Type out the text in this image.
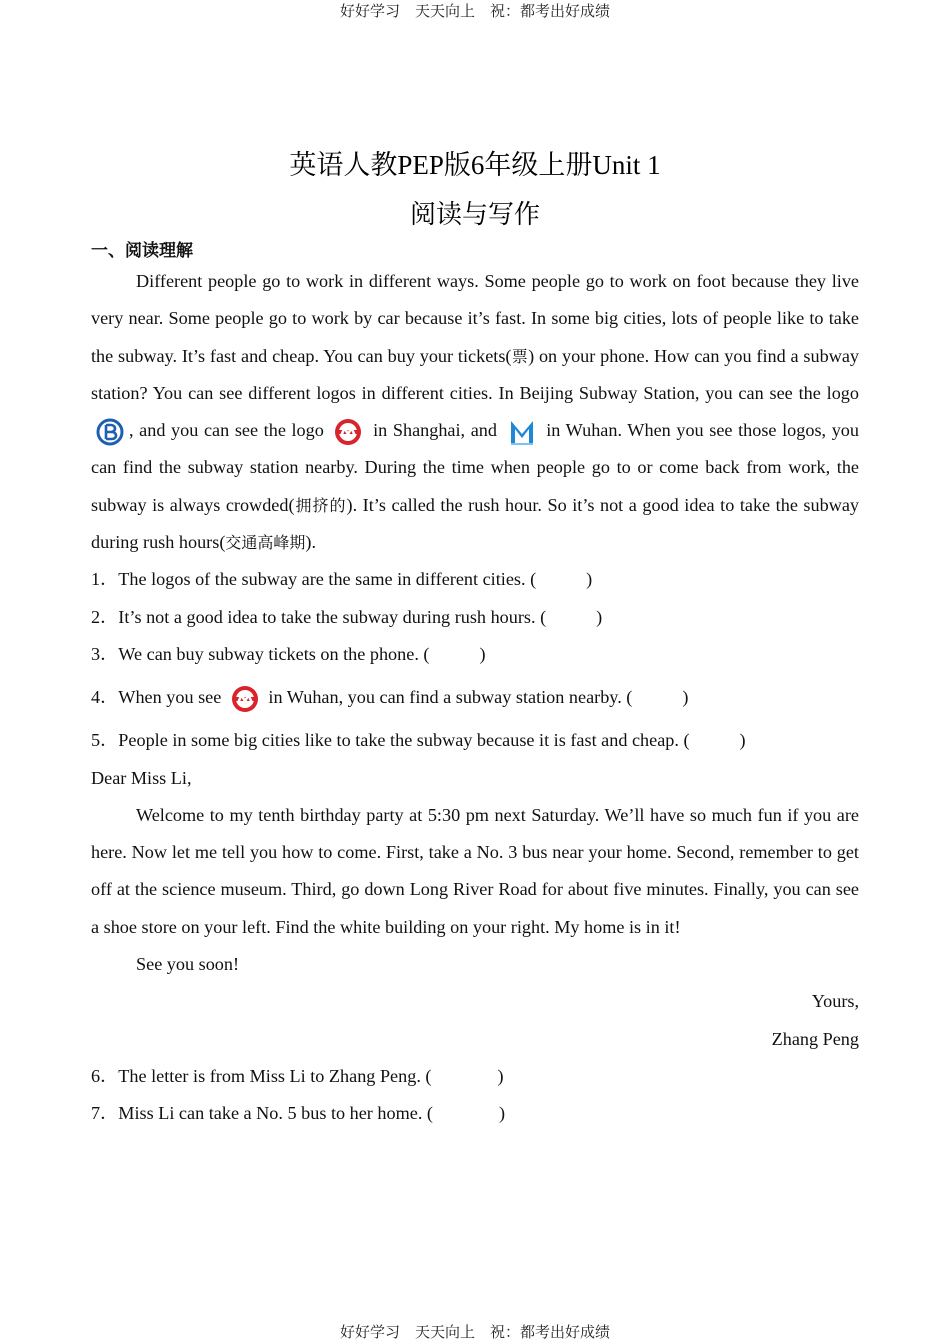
好好学习　天天向上　祝：都考出好成绩
英语人教PEP版6年级上册Unit 1
阅读与写作
一、阅读理解

Different people go to work in different ways. Some people go to work on foot because they live very near. Some people go to work by car because it’s fast. In some big cities, lots of people like to take the subway. It’s fast and cheap. You can buy your tickets(票) on your phone. How can you find a subway station? You can see different logos in different cities. In Beijing Subway Station, you can see the logo , and you can see the logo  in Shanghai, and  in Wuhan. When you see those logos, you can find the subway station nearby. During the time when people go to or come back from work, the subway is always crowded(拥挤的). It’s called the rush hour. So it’s not a good idea to take the subway during rush hours(交通高峰期).

1．The logos of the subway are the same in different cities. (	)

2．It’s not a good idea to take the subway during rush hours. (	)

3．We can buy subway tickets on the phone. (	)

4．When you see  in Wuhan, you can find a subway station nearby. (	)

5．People in some big cities like to take the subway because it is fast and cheap. (	)

Dear Miss Li,

Welcome to my tenth birthday party at 5:30 pm next Saturday. We’ll have so much fun if you are here. Now let me tell you how to come. First, take a No. 3 bus near your home. Second, remember to get off at the science museum. Third, go down Long River Road for about five minutes. Finally, you can see a shoe store on your left. Find the white building on your right. My home is in it!

See you soon!

Yours,

Zhang Peng

6．The letter is from Miss Li to Zhang Peng. (	)

7．Miss Li can take a No. 5 bus to her home. (	)

好好学习　天天向上　祝：都考出好成绩
